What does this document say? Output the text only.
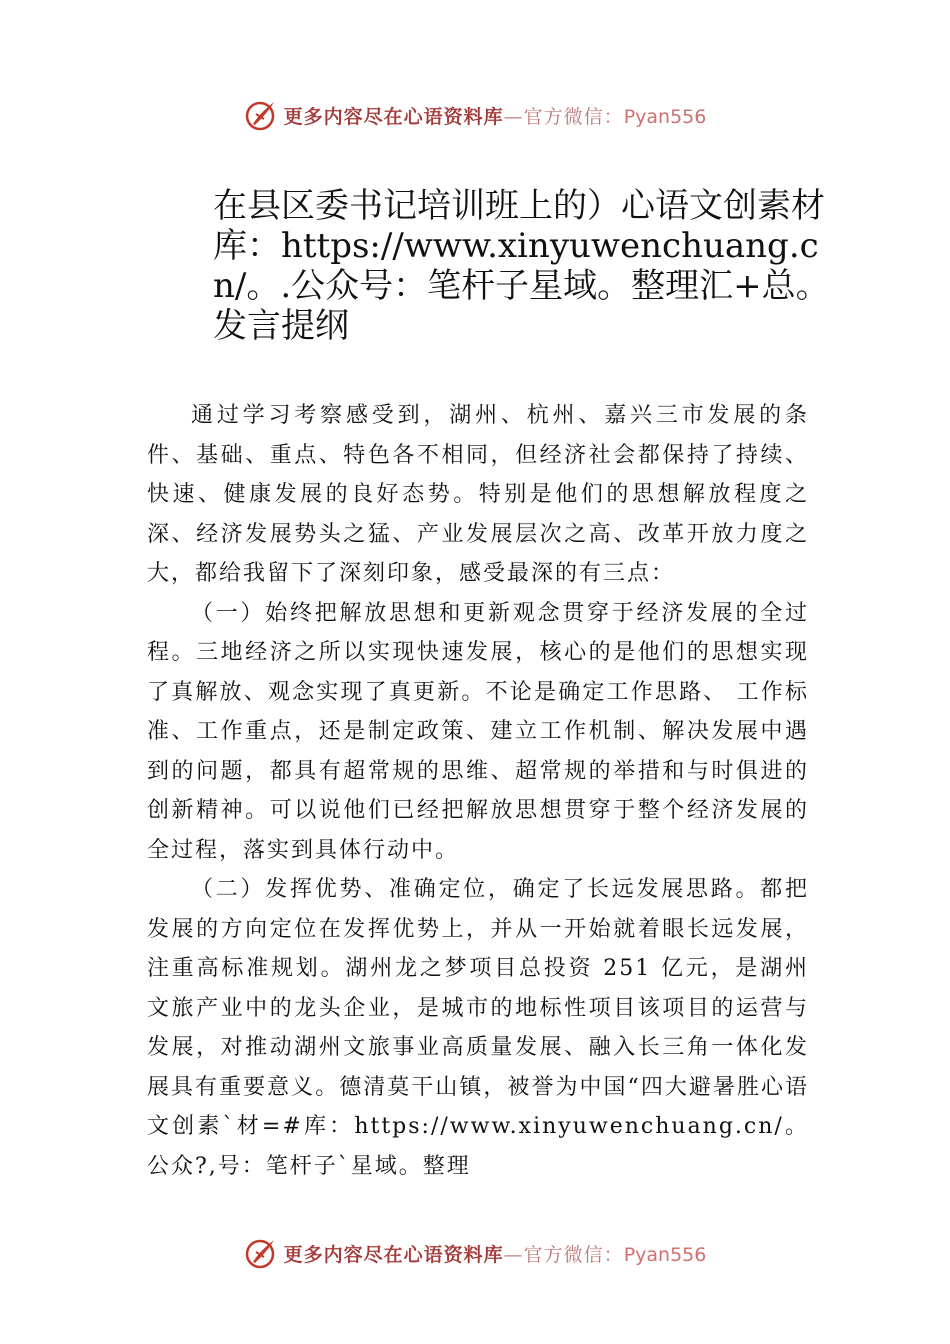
更多内容尽在心语资料库—官方微信：Pyan556
在县区委书记培训班上的）心语文创素材库：https://www.xinyuwenchuang.cn/。.公众号：笔杆子星域。整理汇+总。发言提纲

通过学习考察感受到，湖州、杭州、嘉兴三市发展的条件、基础、重点、特色各不相同，但经济社会都保持了持续、快速、健康发展的良好态势。特别是他们的思想解放程度之深、经济发展势头之猛、产业发展层次之高、改革开放力度之大，都给我留下了深刻印象，感受最深的有三点：

（一）始终把解放思想和更新观念贯穿于经济发展的全过程。三地经济之所以实现快速发展，核心的是他们的思想实现了真解放、观念实现了真更新。不论是确定工作思路、 工作标准、工作重点，还是制定政策、建立工作机制、解决发展中遇到的问题，都具有超常规的思维、超常规的举措和与时俱进的创新精神。可以说他们已经把解放思想贯穿于整个经济发展的全过程，落实到具体行动中。

（二）发挥优势、准确定位，确定了长远发展思路。都把发展的方向定位在发挥优势上，并从一开始就着眼长远发展，注重高标准规划。湖州龙之梦项目总投资 251 亿元，是湖州文旅产业中的龙头企业，是城市的地标性项目该项目的运营与发展，对推动湖州文旅事业高质量发展、融入长三角一体化发展具有重要意义。德清莫干山镇，被誉为中国“四大避暑胜心语文创素`材=#库：https://www.xinyuwenchuang.cn/。公众?,号：笔杆子`星域。整理

更多内容尽在心语资料库—官方微信：Pyan556
